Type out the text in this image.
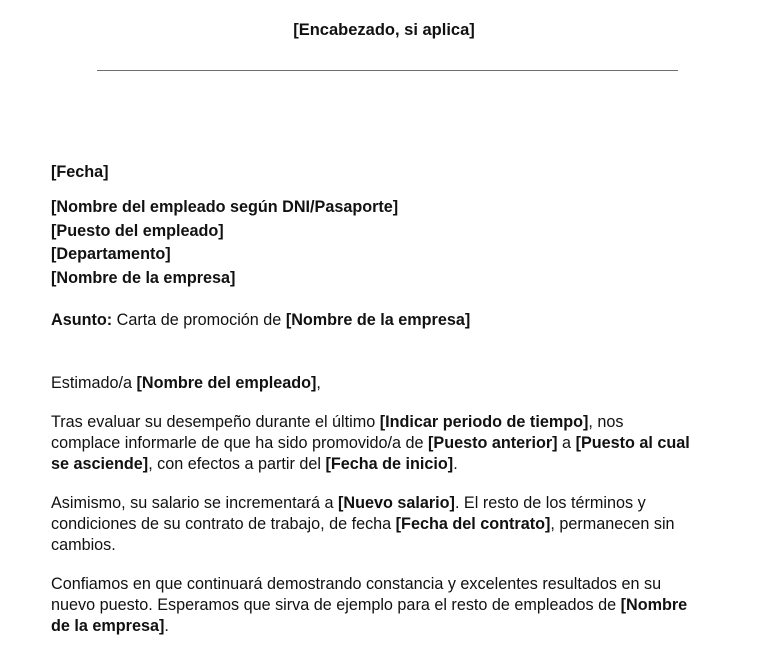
[Encabezado, si aplica]
[Fecha]
[Nombre del empleado según DNI/Pasaporte]
[Puesto del empleado]
[Departamento]
[Nombre de la empresa]
Asunto: Carta de promoción de [Nombre de la empresa]
Estimado/a [Nombre del empleado],

Tras evaluar su desempeño durante el último [Indicar periodo de tiempo], nos complace informarle de que ha sido promovido/a de [Puesto anterior] a [Puesto al cual se asciende], con efectos a partir del [Fecha de inicio].

Asimismo, su salario se incrementará a [Nuevo salario]. El resto de los términos y condiciones de su contrato de trabajo, de fecha [Fecha del contrato], permanecen sin cambios.

Confiamos en que continuará demostrando constancia y excelentes resultados en su nuevo puesto. Esperamos que sirva de ejemplo para el resto de empleados de [Nombre de la empresa].
